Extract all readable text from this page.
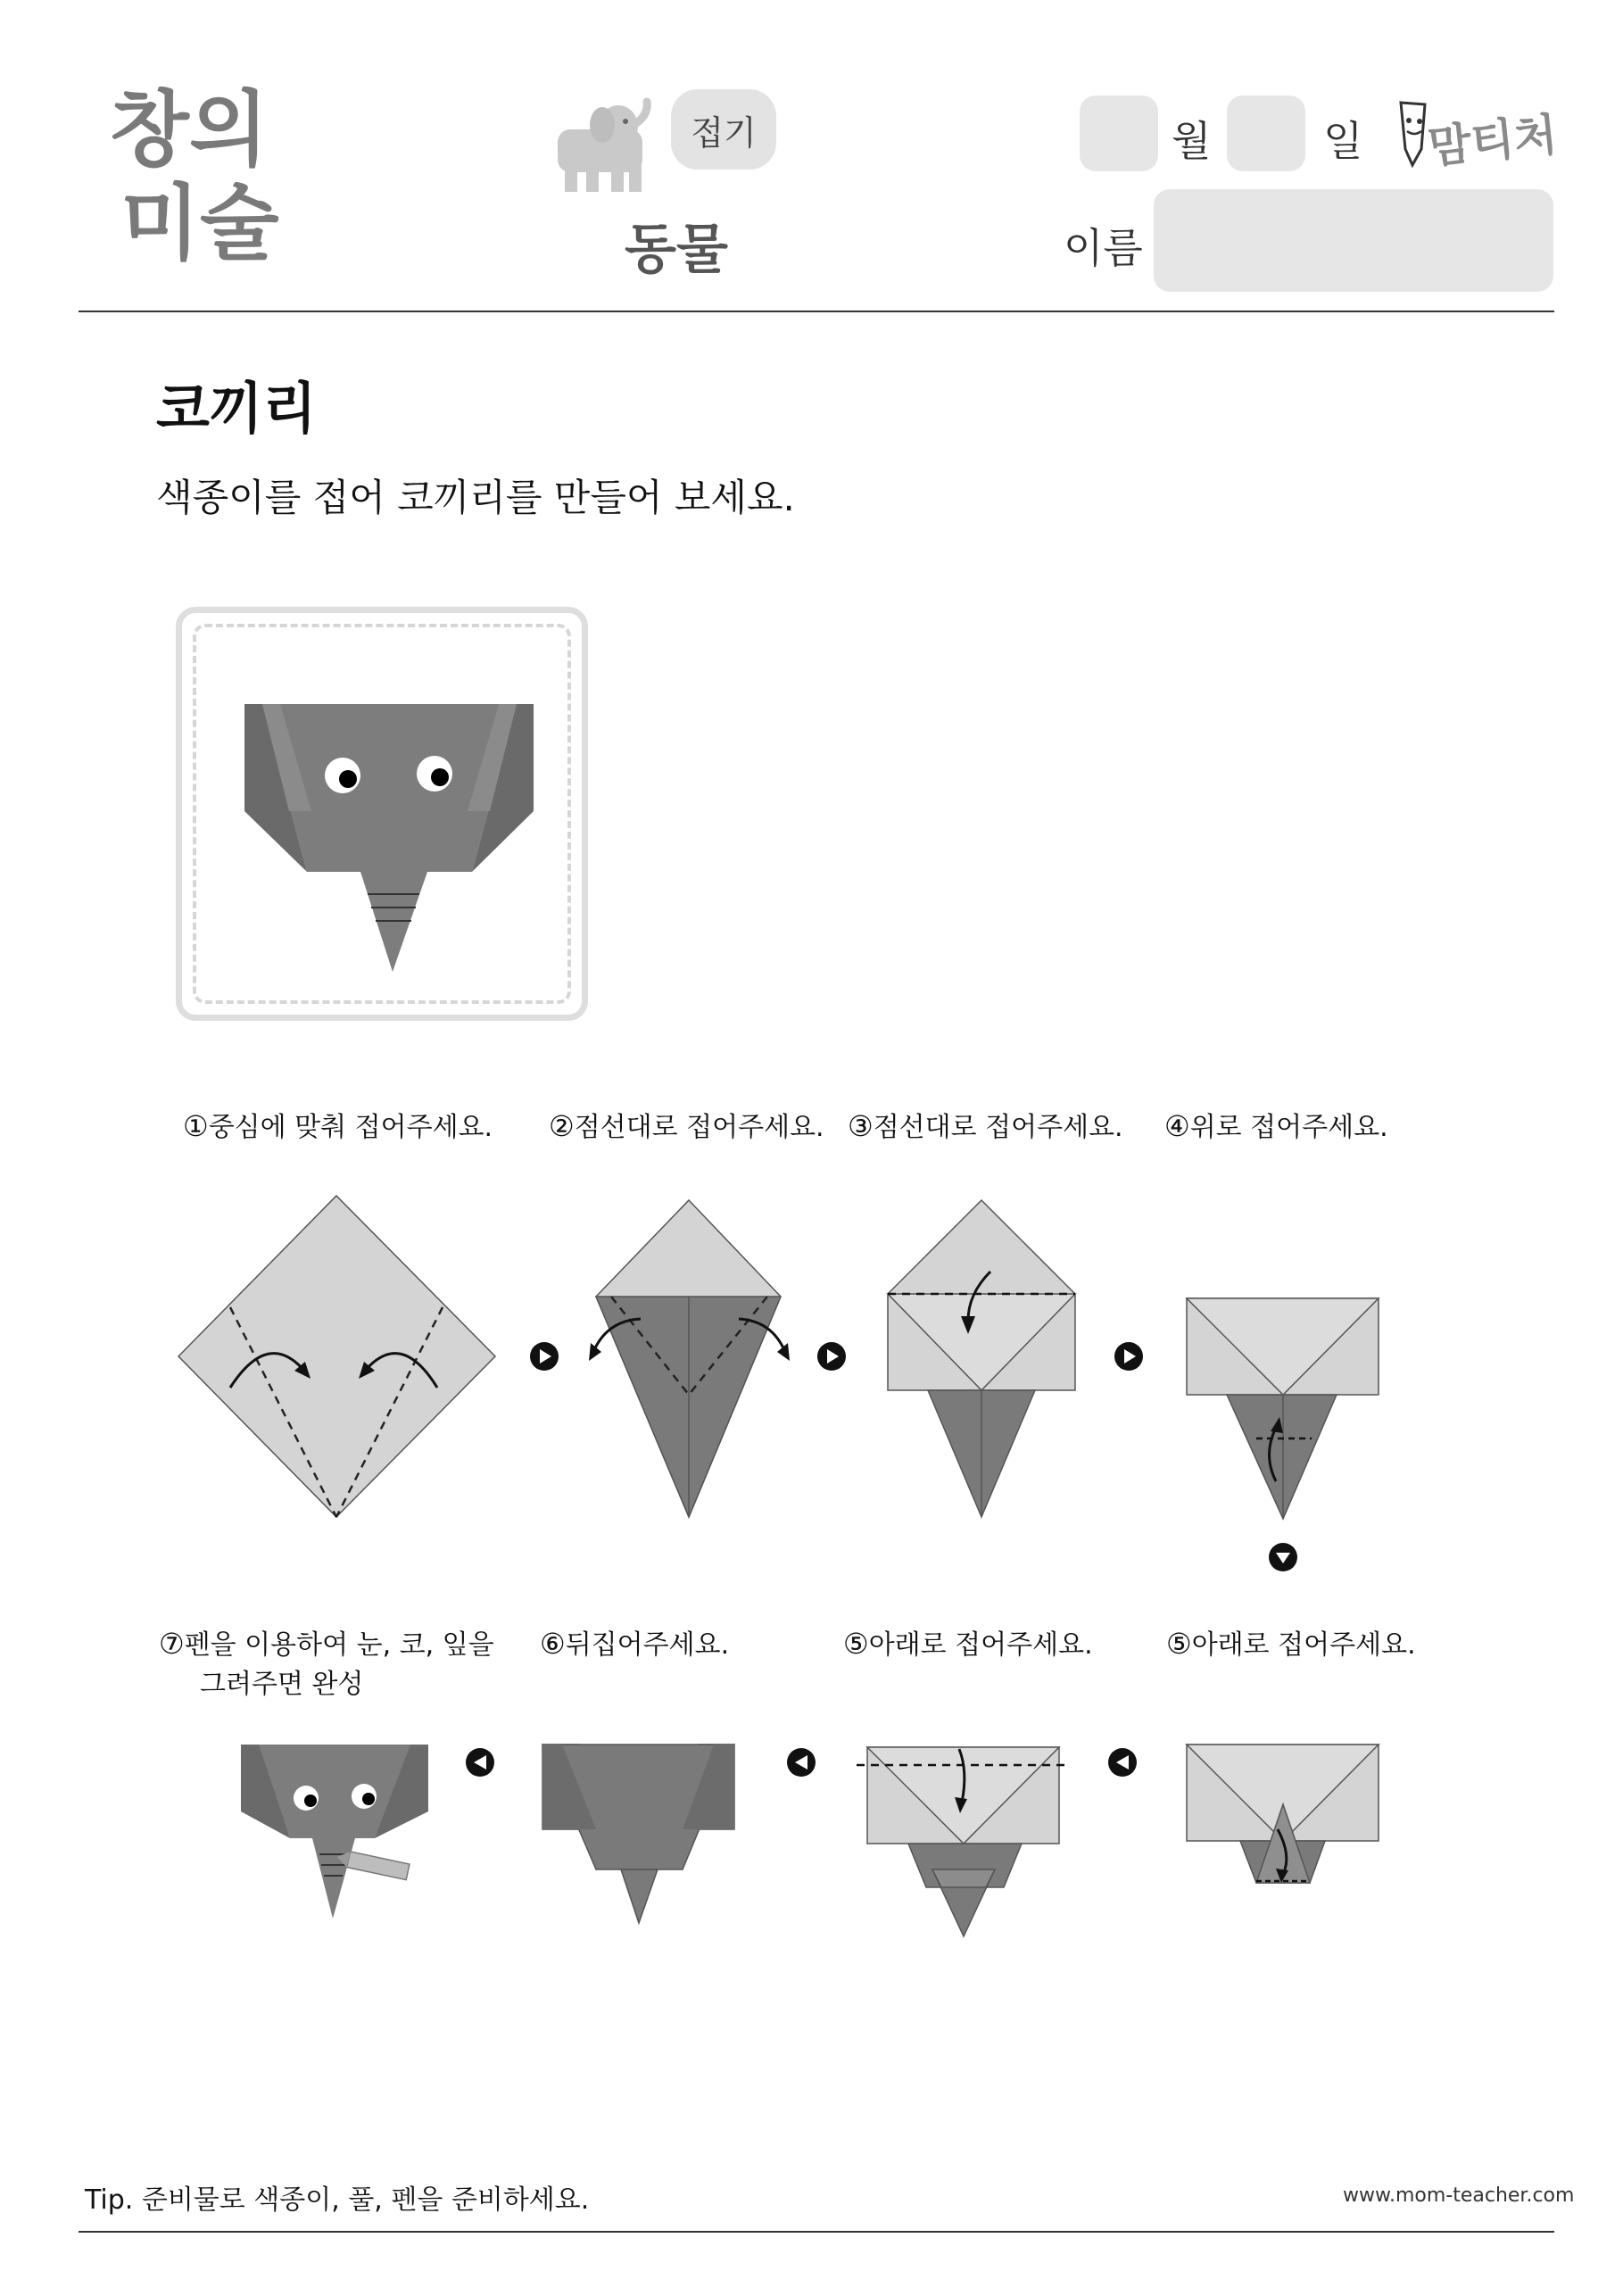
창의
미술
접기
동물
월	일 맘티처
이름
코끼리
색종이를 접어 코끼리를 만들어 보세요.
①중심에 맞춰 접어주세요. ②점선대로 접어주세요. ③점선대로 접어주세요. ④위로 접어주세요.
⑦펜을 이용하여 눈, 코, 잎을
그려주면 완성
⑥뒤집어주세요.	⑤아래로 접어주세요.	⑤아래로 접어주세요.
Tip. 준비물로 색종이, 풀, 펜을 준비하세요.	www.mom-teacher.com
